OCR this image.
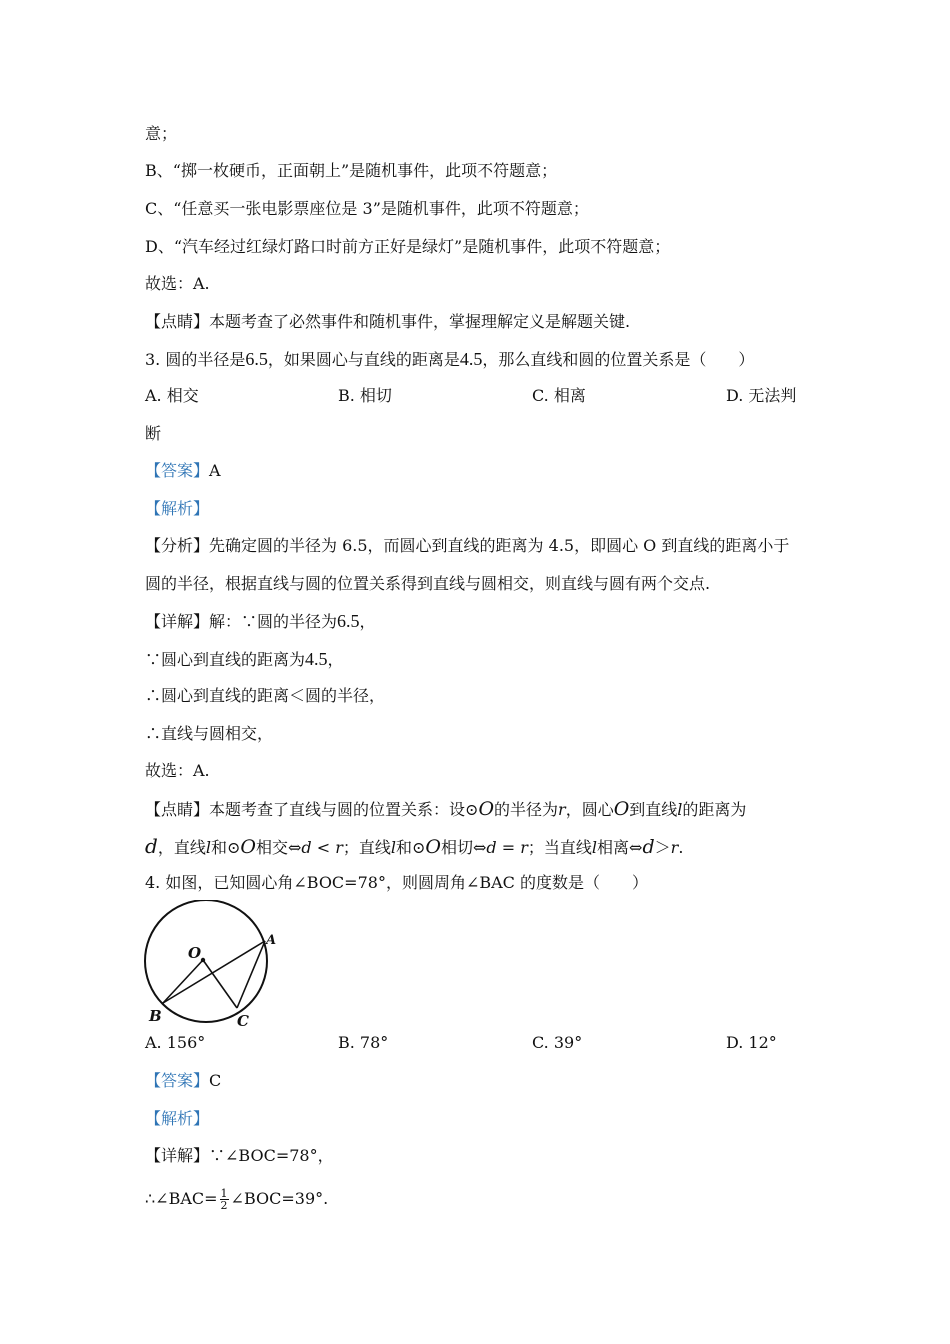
意；
B、“掷一枚硬币，正面朝上”是随机事件，此项不符题意；
C、“任意买一张电影票座位是 3”是随机事件，此项不符题意；
D、“汽车经过红绿灯路口时前方正好是绿灯”是随机事件，此项不符题意；
故选：A.
【点睛】本题考查了必然事件和随机事件，掌握理解定义是解题关键.
3. 圆的半径是6.5，如果圆心与直线的距离是4.5，那么直线和圆的位置关系是（　　）
A. 相交	B. 相切	C. 相离	D. 无法判
断
【答案】A
【解析】
【分析】先确定圆的半径为 6.5，而圆心到直线的距离为 4.5，即圆心 O 到直线的距离小于
圆的半径，根据直线与圆的位置关系得到直线与圆相交，则直线与圆有两个交点.
【详解】解：∵圆的半径为6.5，
∵圆心到直线的距离为4.5，
∴圆心到直线的距离＜圆的半径，
∴直线与圆相交，
故选：A.
【点睛】本题考查了直线与圆的位置关系：设⊙O的半径为r，圆心O到直线l的距离为
d，直线l和⊙O相交⇔d < r；直线l和⊙O相切⇔d = r；当直线l相离⇔d＞r.
4. 如图，已知圆心角∠BOC=78°，则圆周角∠BAC 的度数是（　　）
O
A
B	C
A. 156°	B. 78°	C. 39°	D. 12°
【答案】C
【解析】
【详解】∵∠BOC=78°，
∴∠BAC= $\frac{1}{2}$ ∠BOC=39°.
